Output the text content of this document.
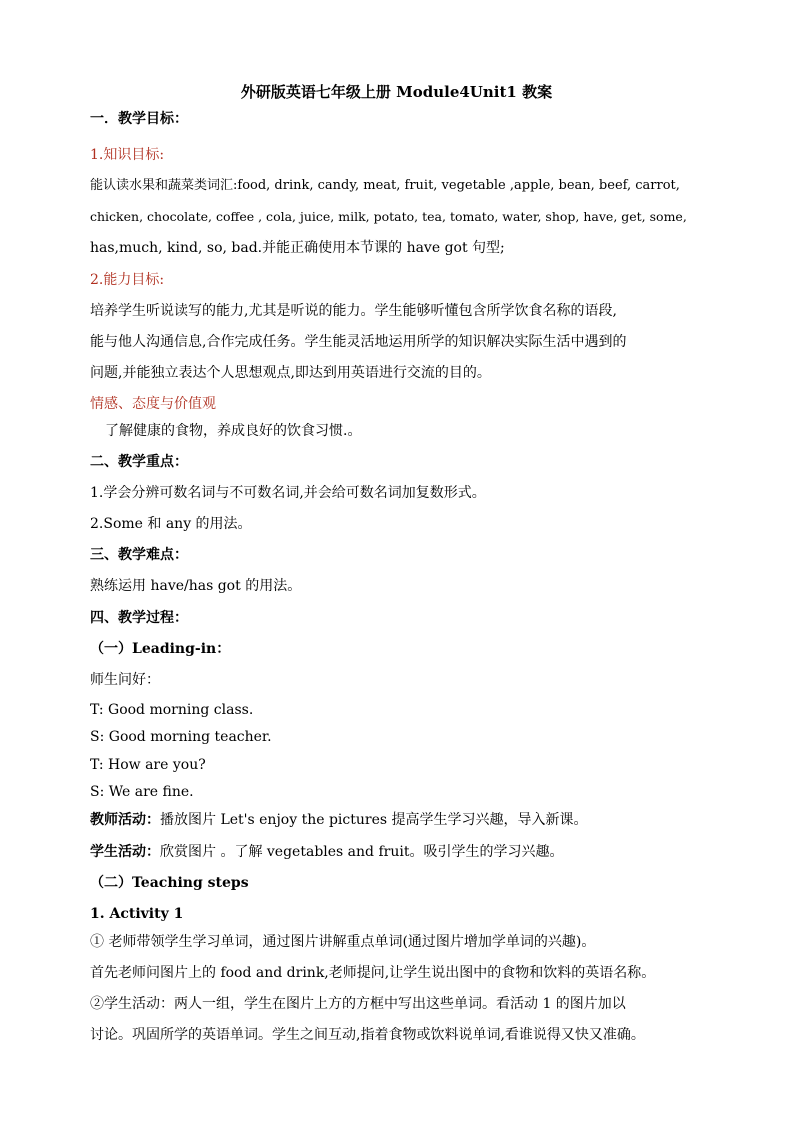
外研版英语七年级上册 Module4Unit1 教案
一．教学目标：
1.知识目标:
能认读水果和蔬菜类词汇:food, drink, candy, meat, fruit, vegetable ,apple, bean, beef, carrot,
chicken, chocolate, coffee , cola, juice, milk, potato, tea, tomato, water, shop, have, get, some,
has,much, kind, so, bad.并能正确使用本节课的 have got 句型;
2.能力目标:
培养学生听说读写的能力,尤其是听说的能力。学生能够听懂包含所学饮食名称的语段,
能与他人沟通信息,合作完成任务。学生能灵活地运用所学的知识解决实际生活中遇到的
问题,并能独立表达个人思想观点,即达到用英语进行交流的目的。
情感、态度与价值观
了解健康的食物，养成良好的饮食习惯.。
二、教学重点：
1.学会分辨可数名词与不可数名词,并会给可数名词加复数形式。
2.Some 和 any 的用法。
三、教学难点：
熟练运用 have/has got 的用法。
四、教学过程：
（一）Leading-in：
师生问好：
T: Good morning class.
S: Good morning teacher.
T: How are you?
S: We are fine.
教师活动：播放图片 Let's enjoy the pictures 提高学生学习兴趣，导入新课。
学生活动：欣赏图片 。了解 vegetables and fruit。吸引学生的学习兴趣。
（二）Teaching steps
1. Activity 1
① 老师带领学生学习单词，通过图片讲解重点单词(通过图片增加学单词的兴趣)。
首先老师问图片上的 food and drink,老师提问,让学生说出图中的食物和饮料的英语名称。
②学生活动：两人一组，学生在图片上方的方框中写出这些单词。看活动 1 的图片加以
讨论。巩固所学的英语单词。学生之间互动,指着食物或饮料说单词,看谁说得又快又准确。
